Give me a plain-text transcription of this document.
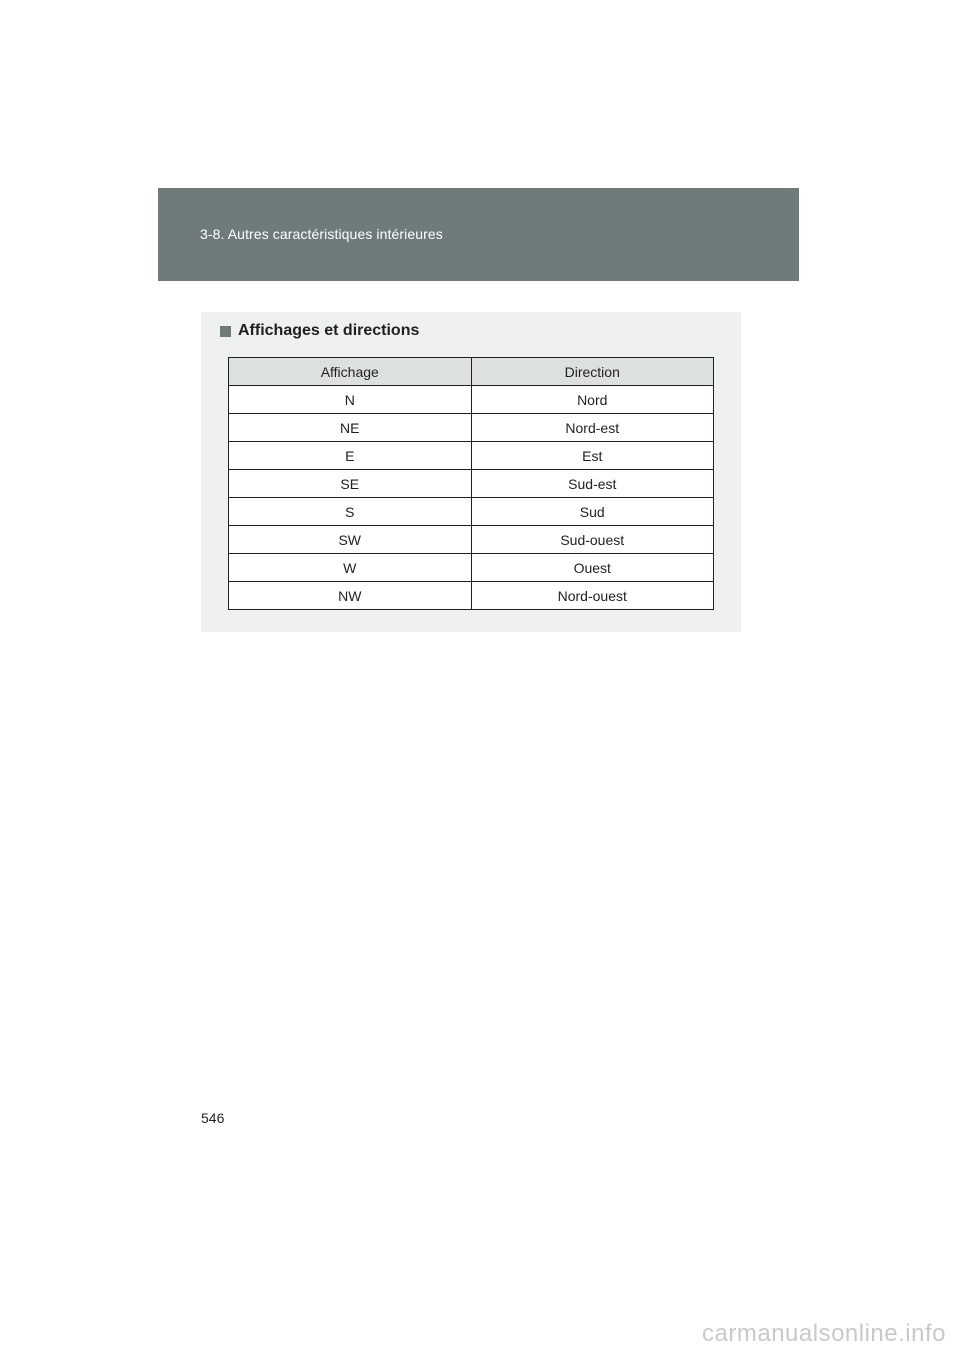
3-8. Autres caractéristiques intérieures
Affichages et directions
Affichage	Direction
N	Nord
NE	Nord-est
E	Est
SE	Sud-est
S	Sud
SW	Sud-ouest
W	Ouest
NW	Nord-ouest
546
carmanualsonline.info
